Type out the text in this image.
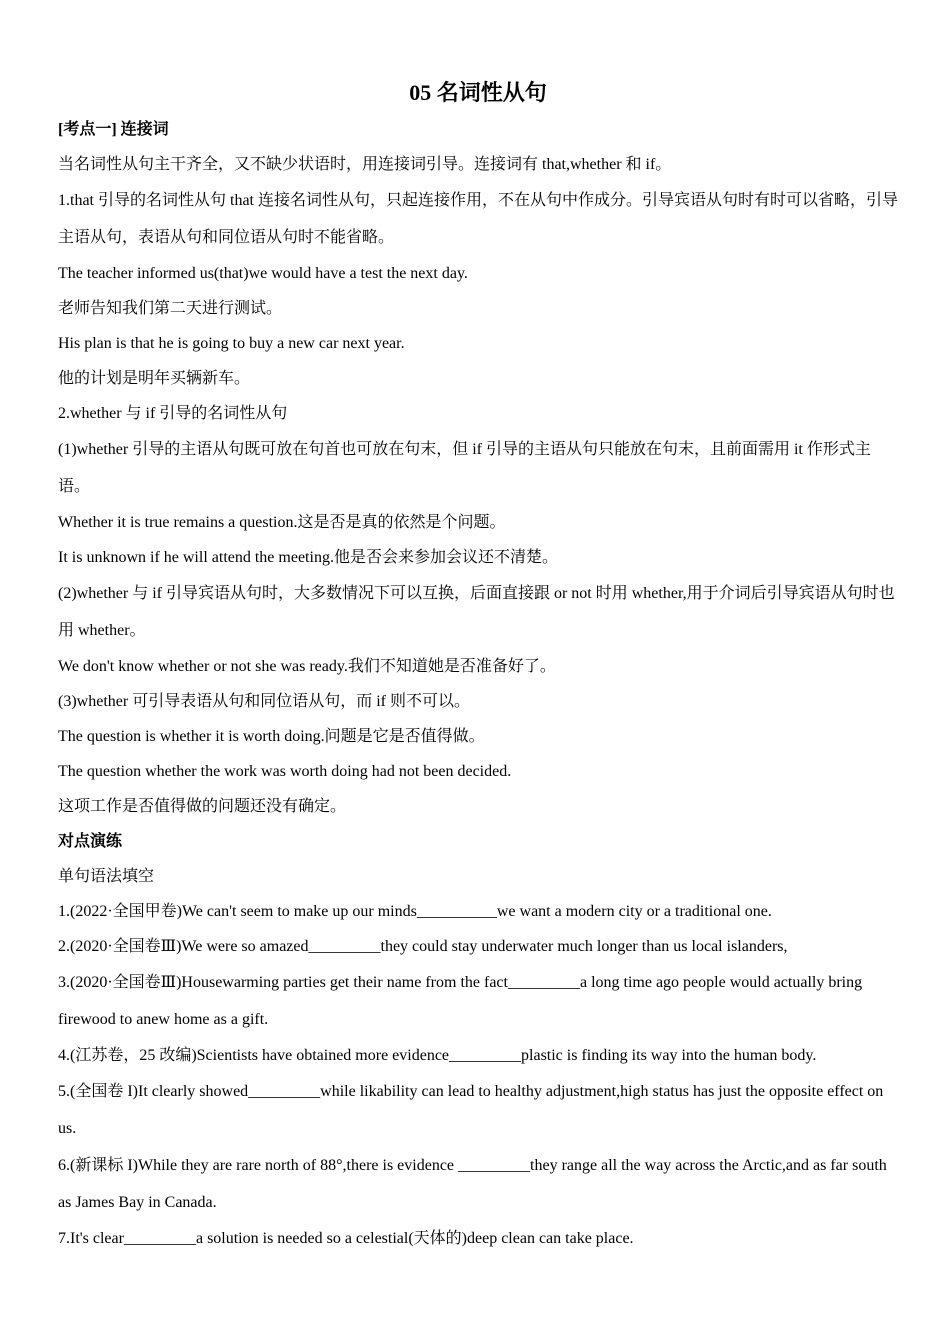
05 名词性从句

[考点一] 连接词

当名词性从句主干齐全，又不缺少状语时，用连接词引导。连接词有 that,whether 和 if。

1.that 引导的名词性从句 that 连接名词性从句，只起连接作用，不在从句中作成分。引导宾语从句时有时可以省略，引导主语从句，表语从句和同位语从句时不能省略。

The teacher informed us(that)we would have a test the next day.

老师告知我们第二天进行测试。

His plan is that he is going to buy a new car next year.

他的计划是明年买辆新车。

2.whether 与 if 引导的名词性从句

(1)whether 引导的主语从句既可放在句首也可放在句末，但 if 引导的主语从句只能放在句末，且前面需用 it 作形式主语。

Whether it is true remains a question.这是否是真的依然是个问题。

It is unknown if he will attend the meeting.他是否会来参加会议还不清楚。

(2)whether 与 if 引导宾语从句时，大多数情况下可以互换，后面直接跟 or not 时用 whether,用于介词后引导宾语从句时也用 whether。

We don't know whether or not she was ready.我们不知道她是否准备好了。

(3)whether 可引导表语从句和同位语从句，而 if 则不可以。

The question is whether it is worth doing.问题是它是否值得做。

The question whether the work was worth doing had not been decided.

这项工作是否值得做的问题还没有确定。

对点演练

单句语法填空

1.(2022·全国甲卷)We can't seem to make up our minds__________we want a modern city or a traditional one.

2.(2020·全国卷Ⅲ)We were so amazed_________they could stay underwater much longer than us local islanders,

3.(2020·全国卷Ⅲ)Housewarming parties get their name from the fact_________a long time ago people would actually bring firewood to anew home as a gift.

4.(江苏卷，25 改编)Scientists have obtained more evidence_________plastic is finding its way into the human body.

5.(全国卷 I)It clearly showed_________while likability can lead to healthy adjustment,high status has just the opposite effect on us.

6.(新课标 I)While they are rare north of 88°,there is evidence _________they range all the way across the Arctic,and as far south as James Bay in Canada.

7.It's clear_________a solution is needed so a celestial(天体的)deep clean can take place.
